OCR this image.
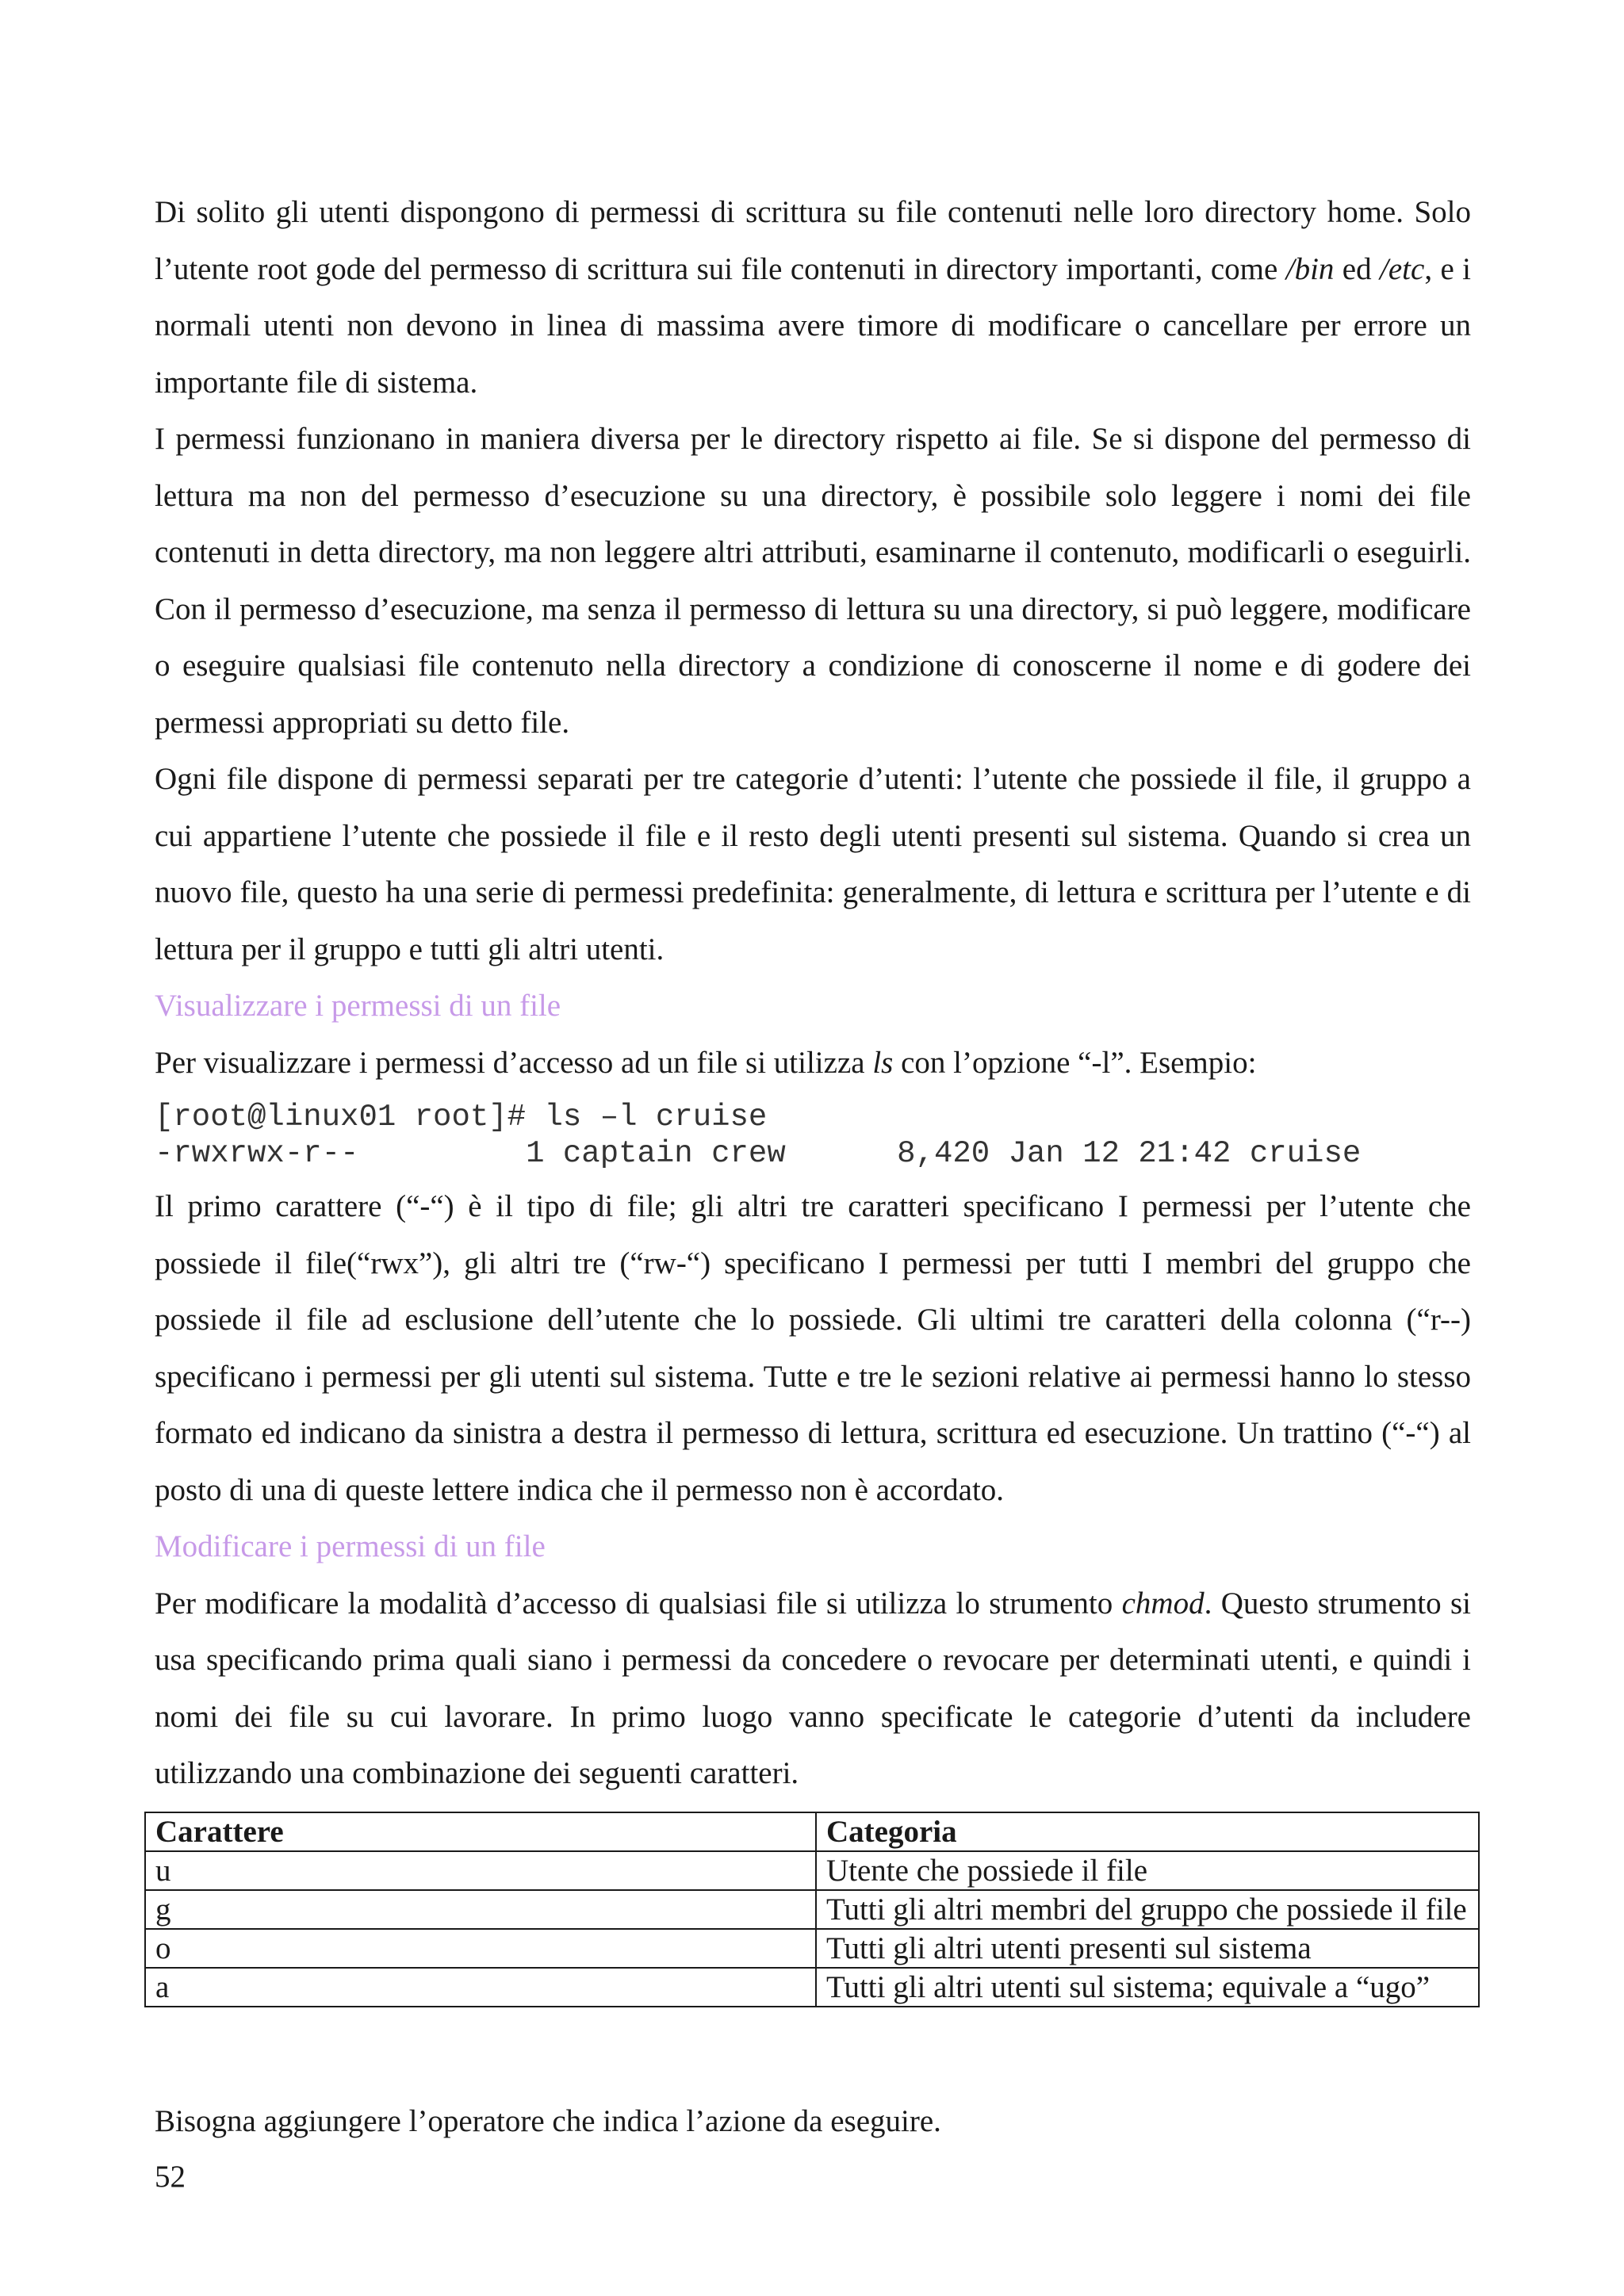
Di solito gli utenti dispongono di permessi di scrittura su file contenuti nelle loro directory home. Solo l’utente root gode del permesso di scrittura sui file contenuti in directory importanti, come /bin ed /etc, e i normali utenti non devono in linea di massima avere timore di modificare o cancellare per errore un importante file di sistema.

I permessi funzionano in maniera diversa per le directory rispetto ai file. Se si dispone del permesso di lettura ma non del permesso d’esecuzione su una directory, è possibile solo leggere i nomi dei file contenuti in detta directory, ma non leggere altri attributi, esaminarne il contenuto, modificarli o eseguirli. Con il permesso d’esecuzione, ma senza il permesso di lettura su una directory, si può leggere, modificare o eseguire qualsiasi file contenuto nella directory a condizione di conoscerne il nome e di godere dei permessi appropriati su detto file.

Ogni file dispone di permessi separati per tre categorie d’utenti: l’utente che possiede il file, il gruppo a cui appartiene l’utente che possiede il file e il resto degli utenti presenti sul sistema. Quando si crea un nuovo file, questo ha una serie di permessi predefinita: generalmente, di lettura e scrittura per l’utente e di lettura per il gruppo e tutti gli altri utenti.

Visualizzare i permessi di un file

Per visualizzare i permessi d’accesso ad un file si utilizza ls con l’opzione “-l”. Esempio:

[root@linux01 root]# ls –l cruise
-rwxrwx-r--         1 captain crew      8,420 Jan 12 21:42 cruise

Il primo carattere (“-“) è il tipo di file; gli altri tre caratteri specificano I permessi per l’utente che possiede il file(“rwx”), gli altri tre (“rw-“) specificano I permessi per tutti I membri del gruppo che possiede il file ad esclusione dell’utente che lo possiede. Gli ultimi tre caratteri della colonna (“r--) specificano i permessi per gli utenti sul sistema. Tutte e tre le sezioni relative ai permessi hanno lo stesso formato ed indicano da sinistra a destra il permesso di lettura, scrittura ed esecuzione. Un trattino (“-“) al posto di una di queste lettere indica che il permesso non è accordato.

Modificare i permessi di un file

Per modificare la modalità d’accesso di qualsiasi file si utilizza lo strumento chmod. Questo strumento si usa specificando prima quali siano i permessi da concedere o revocare per determinati utenti, e quindi i nomi dei file su cui lavorare. In primo luogo vanno specificate le categorie d’utenti da includere utilizzando una combinazione dei seguenti caratteri.

Carattere	Categoria
u	Utente che possiede il file
g	Tutti gli altri membri del gruppo che possiede il file
o	Tutti gli altri utenti presenti sul sistema
a	Tutti gli altri utenti sul sistema; equivale a “ugo”

Bisogna aggiungere l’operatore che indica l’azione da eseguire.

52
